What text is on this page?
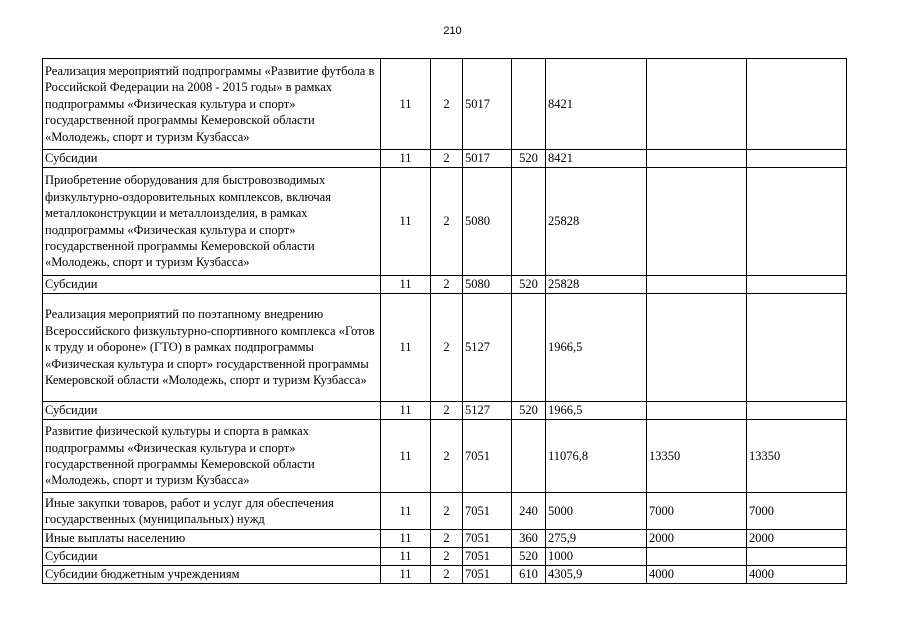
210
Реализация мероприятий подпрограммы «Развитие футбола в Российской Федерации на 2008 - 2015 годы» в рамках подпрограммы «Физическая культура и спорт» государственной программы Кемеровской области «Молодежь, спорт и туризм Кузбасса»	11	2	5017		8421		
Субсидии	11	2	5017	520	8421		
Приобретение оборудования для быстровозводимых физкультурно-оздоровительных комплексов, включая металлоконструкции и металлоизделия, в рамках подпрограммы «Физическая культура и спорт» государственной программы Кемеровской области «Молодежь, спорт и туризм Кузбасса»	11	2	5080		25828		
Субсидии	11	2	5080	520	25828		
Реализация мероприятий по поэтапному внедрению Всероссийского физкультурно-спортивного комплекса «Готов к труду и обороне» (ГТО) в рамках подпрограммы «Физическая культура и спорт» государственной программы Кемеровской области «Молодежь, спорт и туризм Кузбасса»	11	2	5127		1966,5		
Субсидии	11	2	5127	520	1966,5		
Развитие физической культуры и спорта в рамках подпрограммы «Физическая культура и спорт» государственной программы Кемеровской области «Молодежь, спорт и туризм Кузбасса»	11	2	7051		11076,8	13350	13350
Иные закупки товаров, работ и услуг для обеспечения государственных (муниципальных) нужд	11	2	7051	240	5000	7000	7000
Иные выплаты населению	11	2	7051	360	275,9	2000	2000
Субсидии	11	2	7051	520	1000		
Субсидии бюджетным учреждениям	11	2	7051	610	4305,9	4000	4000
